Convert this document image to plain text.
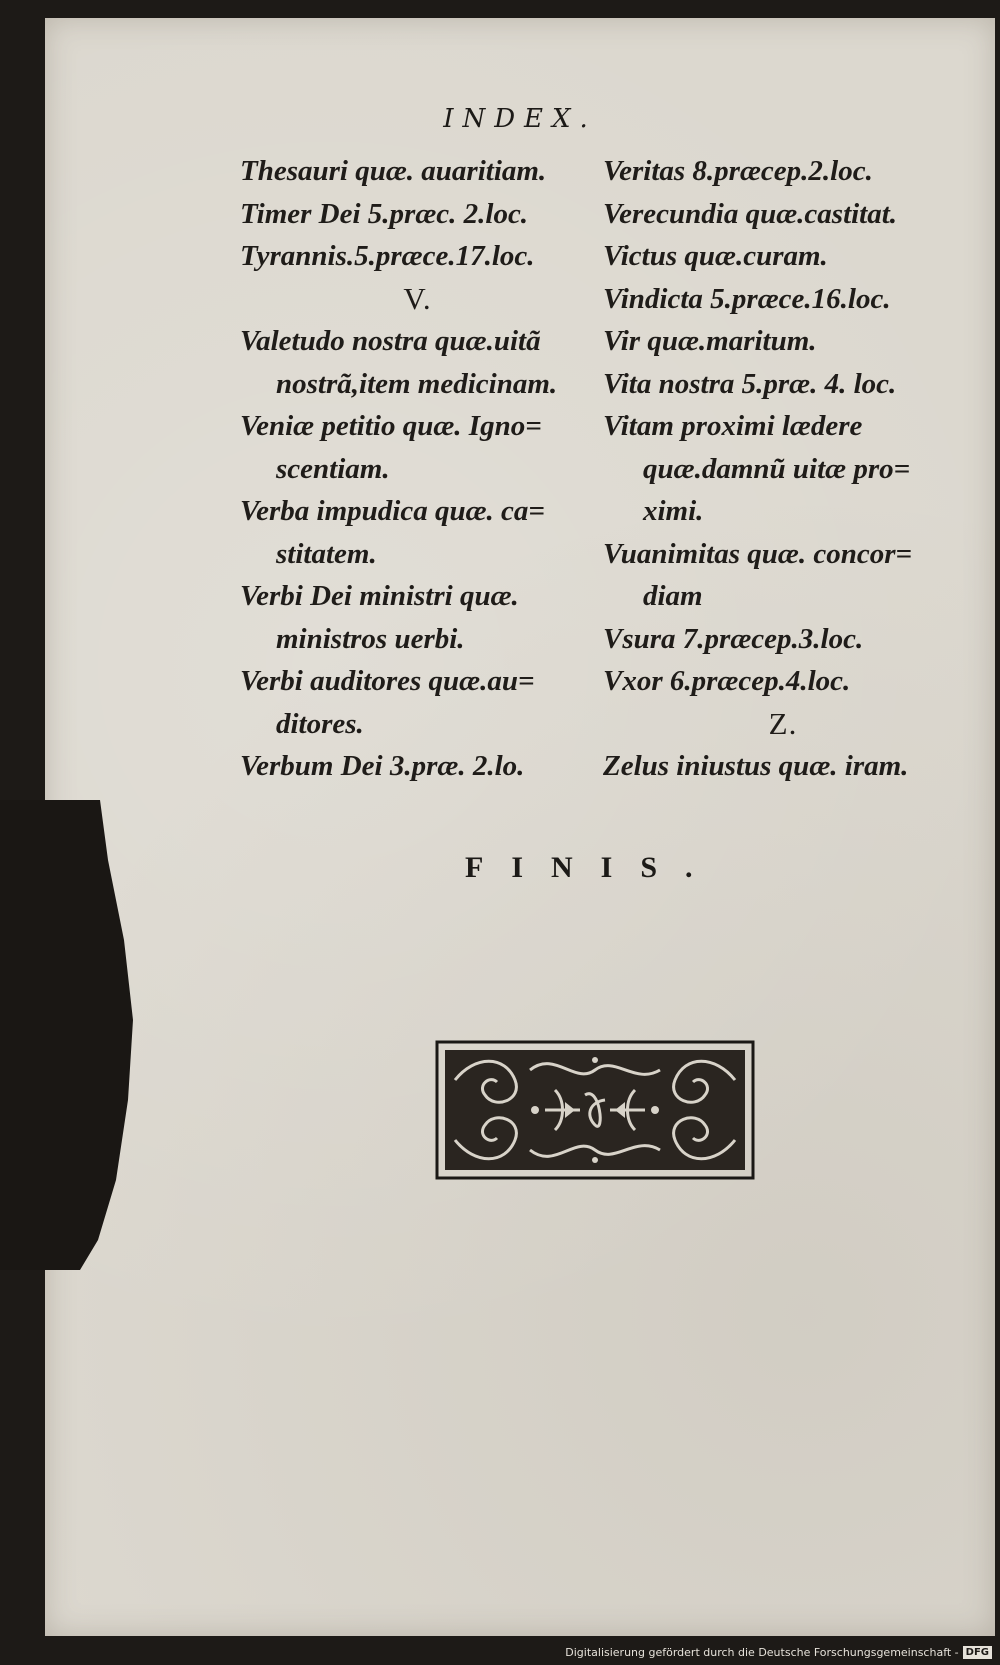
INDEX.
Thesauri quæ. auaritiam.
Timer Dei 5.præc. 2.loc.
Tyrannis.5.præce.17.loc.
V.
Valetudo nostra quæ.uitã
nostrã,item medicinam.
Veniæ petitio quæ. Igno=
scentiam.
Verba impudica quæ. ca=
stitatem.
Verbi Dei ministri quæ.
ministros uerbi.
Verbi auditores quæ.au=
ditores.
Verbum Dei 3.præ. 2.lo.
Veritas 8.præcep.2.loc.
Verecundia quæ.castitat.
Victus quæ.curam.
Vindicta 5.præce.16.loc.
Vir quæ.maritum.
Vita nostra 5.præ. 4. loc.
Vitam proximi lædere
quæ.damnũ uitæ pro=
ximi.
Vuanimitas quæ. concor=
diam
Vsura 7.præcep.3.loc.
Vxor 6.præcep.4.loc.
Z.
Zelus iniustus quæ. iram.
FINIS.
Digitalisierung gefördert durch die Deutsche Forschungsgemeinschaft - DFG
